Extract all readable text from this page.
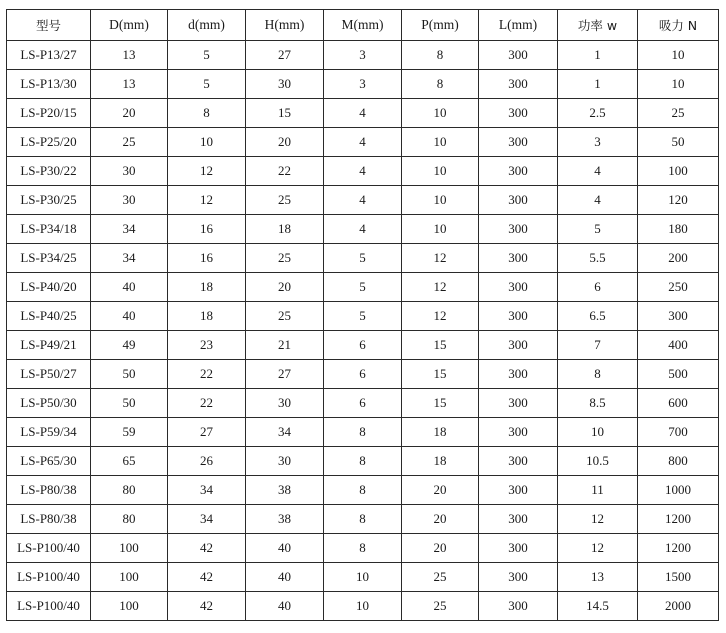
型号	D(mm)	d(mm)	H(mm)	M(mm)	P(mm)	L(mm)	功率 w	吸力 N
LS-P13/27	13	5	27	3	8	300	1	10
LS-P13/30	13	5	30	3	8	300	1	10
LS-P20/15	20	8	15	4	10	300	2.5	25
LS-P25/20	25	10	20	4	10	300	3	50
LS-P30/22	30	12	22	4	10	300	4	100
LS-P30/25	30	12	25	4	10	300	4	120
LS-P34/18	34	16	18	4	10	300	5	180
LS-P34/25	34	16	25	5	12	300	5.5	200
LS-P40/20	40	18	20	5	12	300	6	250
LS-P40/25	40	18	25	5	12	300	6.5	300
LS-P49/21	49	23	21	6	15	300	7	400
LS-P50/27	50	22	27	6	15	300	8	500
LS-P50/30	50	22	30	6	15	300	8.5	600
LS-P59/34	59	27	34	8	18	300	10	700
LS-P65/30	65	26	30	8	18	300	10.5	800
LS-P80/38	80	34	38	8	20	300	11	1000
LS-P80/38	80	34	38	8	20	300	12	1200
LS-P100/40	100	42	40	8	20	300	12	1200
LS-P100/40	100	42	40	10	25	300	13	1500
LS-P100/40	100	42	40	10	25	300	14.5	2000
